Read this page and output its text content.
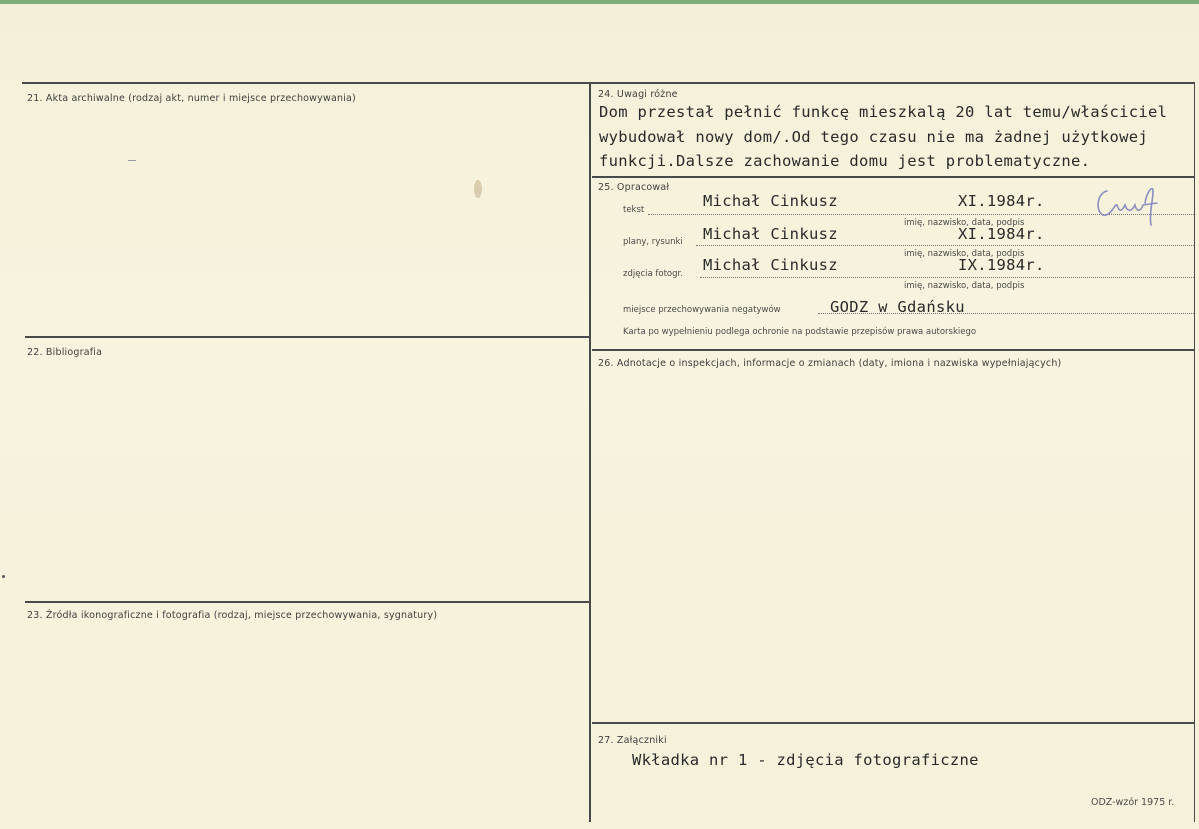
21. Akta archiwalne (rodzaj akt, numer i miejsce przechowywania)
22. Bibliografia
23. Źródła ikonograficzne i fotografia (rodzaj, miejsce przechowywania, sygnatury)
24. Uwagi różne
Dom przestał pełnić funkcę mieszkalą 20 lat temu/właściciel
wybudował nowy dom/.Od tego czasu nie ma żadnej użytkowej
funkcji.Dalsze zachowanie domu jest problematyczne.
25. Opracował
tekst	Michał Cinkusz	XI.1984r.
imię, nazwisko, data, podpis
plany, rysunki Michał Cinkusz	XI.1984r.
imię, nazwisko, data, podpis
zdjęcia fotogr. Michał Cinkusz	IX.1984r.
imię, nazwisko, data, podpis
miejsce przechowywania negatywów	GODZ w Gdańsku
Karta po wypełnieniu podlega ochronie na podstawie przepisów prawa autorskiego
26. Adnotacje o inspekcjach, informacje o zmianach (daty, imiona i nazwiska wypełniających)
27. Załączniki
Wkładka nr 1 - zdjęcia fotograficzne
ODZ-wzór 1975 r.
